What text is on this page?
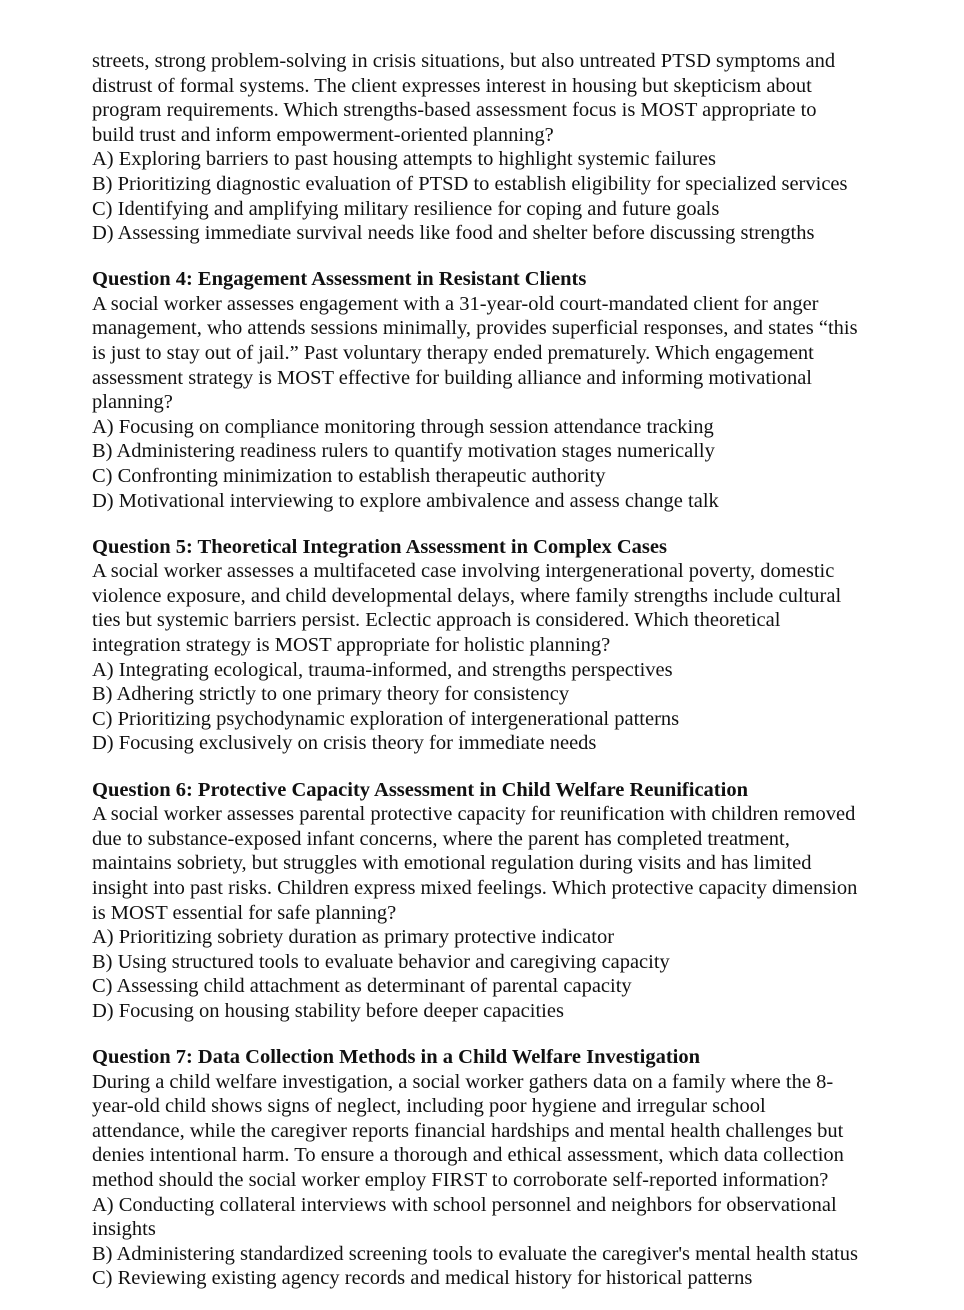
streets, strong problem-solving in crisis situations, but also untreated PTSD symptoms and
distrust of formal systems. The client expresses interest in housing but skepticism about
program requirements. Which strengths-based assessment focus is MOST appropriate to
build trust and inform empowerment-oriented planning?
A) Exploring barriers to past housing attempts to highlight systemic failures
B) Prioritizing diagnostic evaluation of PTSD to establish eligibility for specialized services
C) Identifying and amplifying military resilience for coping and future goals
D) Assessing immediate survival needs like food and shelter before discussing strengths
Question 4: Engagement Assessment in Resistant Clients
A social worker assesses engagement with a 31-year-old court-mandated client for anger
management, who attends sessions minimally, provides superficial responses, and states “this
is just to stay out of jail.” Past voluntary therapy ended prematurely. Which engagement
assessment strategy is MOST effective for building alliance and informing motivational
planning?
A) Focusing on compliance monitoring through session attendance tracking
B) Administering readiness rulers to quantify motivation stages numerically
C) Confronting minimization to establish therapeutic authority
D) Motivational interviewing to explore ambivalence and assess change talk
Question 5: Theoretical Integration Assessment in Complex Cases
A social worker assesses a multifaceted case involving intergenerational poverty, domestic
violence exposure, and child developmental delays, where family strengths include cultural
ties but systemic barriers persist. Eclectic approach is considered. Which theoretical
integration strategy is MOST appropriate for holistic planning?
A) Integrating ecological, trauma-informed, and strengths perspectives
B) Adhering strictly to one primary theory for consistency
C) Prioritizing psychodynamic exploration of intergenerational patterns
D) Focusing exclusively on crisis theory for immediate needs
Question 6: Protective Capacity Assessment in Child Welfare Reunification
A social worker assesses parental protective capacity for reunification with children removed
due to substance-exposed infant concerns, where the parent has completed treatment,
maintains sobriety, but struggles with emotional regulation during visits and has limited
insight into past risks. Children express mixed feelings. Which protective capacity dimension
is MOST essential for safe planning?
A) Prioritizing sobriety duration as primary protective indicator
B) Using structured tools to evaluate behavior and caregiving capacity
C) Assessing child attachment as determinant of parental capacity
D) Focusing on housing stability before deeper capacities
Question 7: Data Collection Methods in a Child Welfare Investigation
During a child welfare investigation, a social worker gathers data on a family where the 8-
year-old child shows signs of neglect, including poor hygiene and irregular school
attendance, while the caregiver reports financial hardships and mental health challenges but
denies intentional harm. To ensure a thorough and ethical assessment, which data collection
method should the social worker employ FIRST to corroborate self-reported information?
A) Conducting collateral interviews with school personnel and neighbors for observational insights
B) Administering standardized screening tools to evaluate the caregiver's mental health status
C) Reviewing existing agency records and medical history for historical patterns
